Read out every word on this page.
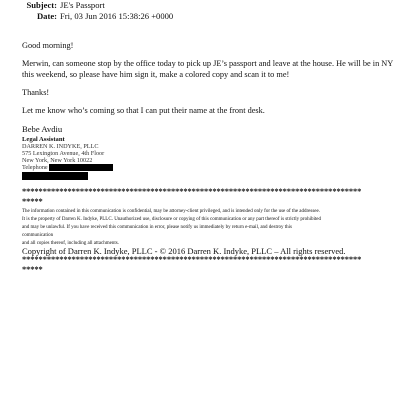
Subject: JE's Passport
Date: Fri, 03 Jun 2016 15:38:26 +0000
Good morning!
Merwin, can someone stop by the office today to pick up JE’s passport and leave at the house. He will be in NY
this weekend, so please have him sign it, make a colored copy and scan it to me!
Thanks!
Let me know who’s coming so that I can put their name at the front desk.
Bebe Avdiu
Legal Assistant
DARREN K. INDYKE, PLLC
575 Lexington Avenue, 4th Floor
New York, New York 10022
Telephone
**********************************************************************************
*****
The information contained in this communication is confidential, may be attorney-client privileged, and is intended only for the use of the addressee.
It is the property of Darren K. Indyke, PLLC. Unauthorized use, disclosure or copying of this communication or any part thereof is strictly prohibited
and may be unlawful. If you have received this communication in error, please notify us immediately by return e-mail, and destroy this
communication
and all copies thereof, including all attachments.
Copyright of Darren K. Indyke, PLLC - © 2016 Darren K. Indyke, PLLC – All rights reserved.
**********************************************************************************
*****
